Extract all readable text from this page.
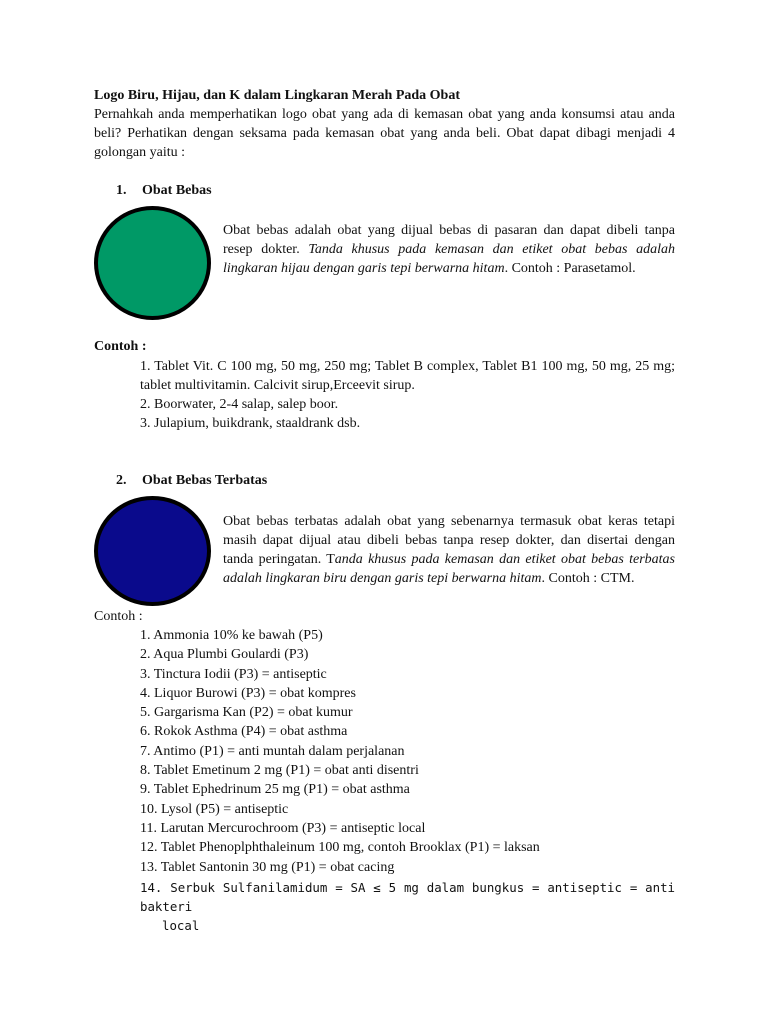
Logo Biru, Hijau, dan K dalam Lingkaran Merah Pada Obat
Pernahkah anda memperhatikan logo obat yang ada di kemasan obat yang anda konsumsi atau anda beli? Perhatikan dengan seksama pada kemasan obat yang anda beli. Obat dapat dibagi menjadi 4 golongan yaitu :
1. Obat Bebas
Obat bebas adalah obat yang dijual bebas di pasaran dan dapat dibeli tanpa resep dokter. Tanda khusus pada kemasan dan etiket obat bebas adalah lingkaran hijau dengan garis tepi berwarna hitam. Contoh : Parasetamol.
Contoh :
1. Tablet Vit. C 100 mg, 50 mg, 250 mg; Tablet B complex, Tablet B1 100 mg, 50 mg, 25 mg; tablet multivitamin. Calcivit sirup,Erceevit sirup.
2. Boorwater, 2-4 salap, salep boor.
3. Julapium, buikdrank, staaldrank dsb.
2. Obat Bebas Terbatas
Obat bebas terbatas adalah obat yang sebenarnya termasuk obat keras tetapi masih dapat dijual atau dibeli bebas tanpa resep dokter, dan disertai dengan tanda peringatan. Tanda khusus pada kemasan dan etiket obat bebas terbatas adalah lingkaran biru dengan garis tepi berwarna hitam. Contoh : CTM.
Contoh :
1. Ammonia 10% ke bawah (P5)
2. Aqua Plumbi Goulardi (P3)
3. Tinctura Iodii (P3) = antiseptic
4. Liquor Burowi (P3) = obat kompres
5. Gargarisma Kan (P2) = obat kumur
6. Rokok Asthma (P4) = obat asthma
7. Antimo (P1) = anti muntah dalam perjalanan
8. Tablet Emetinum 2 mg (P1) = obat anti disentri
9. Tablet Ephedrinum 25 mg (P1) = obat asthma
10. Lysol (P5) = antiseptic
11. Larutan Mercurochroom (P3) = antiseptic local
12. Tablet Phenoplphthaleinum 100 mg, contoh Brooklax (P1) = laksan
13. Tablet Santonin 30 mg (P1) = obat cacing
14. Serbuk Sulfanilamidum = SA ≤ 5 mg dalam bungkus = antiseptic = anti bakteri
local
